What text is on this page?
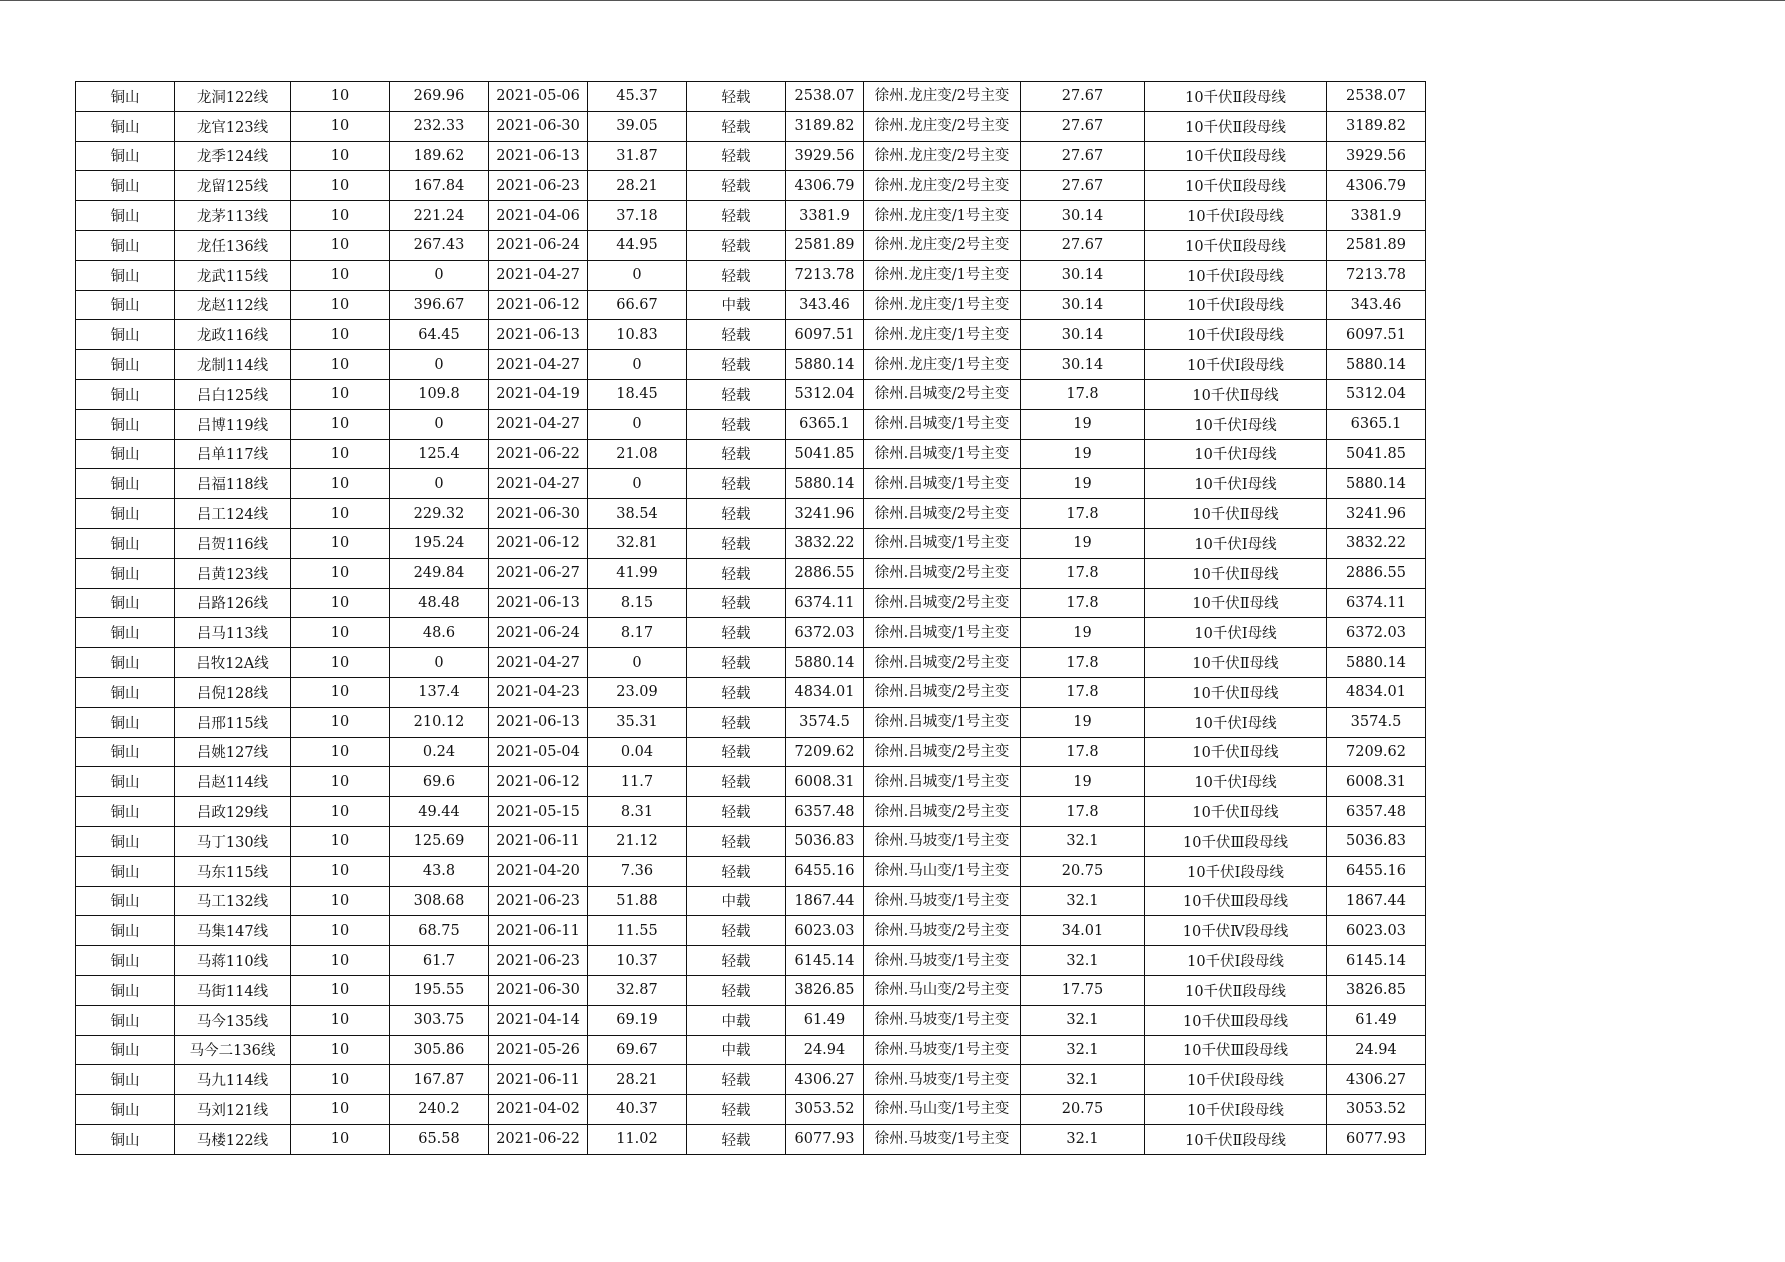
铜山	龙洞122线	10	269.96	2021-05-06	45.37	轻载	2538.07	徐州.龙庄变/2号主变	27.67	10千伏Ⅱ段母线	2538.07
铜山	龙官123线	10	232.33	2021-06-30	39.05	轻载	3189.82	徐州.龙庄变/2号主变	27.67	10千伏Ⅱ段母线	3189.82
铜山	龙季124线	10	189.62	2021-06-13	31.87	轻载	3929.56	徐州.龙庄变/2号主变	27.67	10千伏Ⅱ段母线	3929.56
铜山	龙留125线	10	167.84	2021-06-23	28.21	轻载	4306.79	徐州.龙庄变/2号主变	27.67	10千伏Ⅱ段母线	4306.79
铜山	龙茅113线	10	221.24	2021-04-06	37.18	轻载	3381.9	徐州.龙庄变/1号主变	30.14	10千伏Ⅰ段母线	3381.9
铜山	龙任136线	10	267.43	2021-06-24	44.95	轻载	2581.89	徐州.龙庄变/2号主变	27.67	10千伏Ⅱ段母线	2581.89
铜山	龙武115线	10	0	2021-04-27	0	轻载	7213.78	徐州.龙庄变/1号主变	30.14	10千伏Ⅰ段母线	7213.78
铜山	龙赵112线	10	396.67	2021-06-12	66.67	中载	343.46	徐州.龙庄变/1号主变	30.14	10千伏Ⅰ段母线	343.46
铜山	龙政116线	10	64.45	2021-06-13	10.83	轻载	6097.51	徐州.龙庄变/1号主变	30.14	10千伏Ⅰ段母线	6097.51
铜山	龙制114线	10	0	2021-04-27	0	轻载	5880.14	徐州.龙庄变/1号主变	30.14	10千伏Ⅰ段母线	5880.14
铜山	吕白125线	10	109.8	2021-04-19	18.45	轻载	5312.04	徐州.吕城变/2号主变	17.8	10千伏Ⅱ母线	5312.04
铜山	吕博119线	10	0	2021-04-27	0	轻载	6365.1	徐州.吕城变/1号主变	19	10千伏Ⅰ母线	6365.1
铜山	吕单117线	10	125.4	2021-06-22	21.08	轻载	5041.85	徐州.吕城变/1号主变	19	10千伏Ⅰ母线	5041.85
铜山	吕福118线	10	0	2021-04-27	0	轻载	5880.14	徐州.吕城变/1号主变	19	10千伏Ⅰ母线	5880.14
铜山	吕工124线	10	229.32	2021-06-30	38.54	轻载	3241.96	徐州.吕城变/2号主变	17.8	10千伏Ⅱ母线	3241.96
铜山	吕贺116线	10	195.24	2021-06-12	32.81	轻载	3832.22	徐州.吕城变/1号主变	19	10千伏Ⅰ母线	3832.22
铜山	吕黄123线	10	249.84	2021-06-27	41.99	轻载	2886.55	徐州.吕城变/2号主变	17.8	10千伏Ⅱ母线	2886.55
铜山	吕路126线	10	48.48	2021-06-13	8.15	轻载	6374.11	徐州.吕城变/2号主变	17.8	10千伏Ⅱ母线	6374.11
铜山	吕马113线	10	48.6	2021-06-24	8.17	轻载	6372.03	徐州.吕城变/1号主变	19	10千伏Ⅰ母线	6372.03
铜山	吕牧12A线	10	0	2021-04-27	0	轻载	5880.14	徐州.吕城变/2号主变	17.8	10千伏Ⅱ母线	5880.14
铜山	吕倪128线	10	137.4	2021-04-23	23.09	轻载	4834.01	徐州.吕城变/2号主变	17.8	10千伏Ⅱ母线	4834.01
铜山	吕邢115线	10	210.12	2021-06-13	35.31	轻载	3574.5	徐州.吕城变/1号主变	19	10千伏Ⅰ母线	3574.5
铜山	吕姚127线	10	0.24	2021-05-04	0.04	轻载	7209.62	徐州.吕城变/2号主变	17.8	10千伏Ⅱ母线	7209.62
铜山	吕赵114线	10	69.6	2021-06-12	11.7	轻载	6008.31	徐州.吕城变/1号主变	19	10千伏Ⅰ母线	6008.31
铜山	吕政129线	10	49.44	2021-05-15	8.31	轻载	6357.48	徐州.吕城变/2号主变	17.8	10千伏Ⅱ母线	6357.48
铜山	马丁130线	10	125.69	2021-06-11	21.12	轻载	5036.83	徐州.马坡变/1号主变	32.1	10千伏Ⅲ段母线	5036.83
铜山	马东115线	10	43.8	2021-04-20	7.36	轻载	6455.16	徐州.马山变/1号主变	20.75	10千伏Ⅰ段母线	6455.16
铜山	马工132线	10	308.68	2021-06-23	51.88	中载	1867.44	徐州.马坡变/1号主变	32.1	10千伏Ⅲ段母线	1867.44
铜山	马集147线	10	68.75	2021-06-11	11.55	轻载	6023.03	徐州.马坡变/2号主变	34.01	10千伏Ⅳ段母线	6023.03
铜山	马蒋110线	10	61.7	2021-06-23	10.37	轻载	6145.14	徐州.马坡变/1号主变	32.1	10千伏Ⅰ段母线	6145.14
铜山	马街114线	10	195.55	2021-06-30	32.87	轻载	3826.85	徐州.马山变/2号主变	17.75	10千伏Ⅱ段母线	3826.85
铜山	马今135线	10	303.75	2021-04-14	69.19	中载	61.49	徐州.马坡变/1号主变	32.1	10千伏Ⅲ段母线	61.49
铜山	马今二136线	10	305.86	2021-05-26	69.67	中载	24.94	徐州.马坡变/1号主变	32.1	10千伏Ⅲ段母线	24.94
铜山	马九114线	10	167.87	2021-06-11	28.21	轻载	4306.27	徐州.马坡变/1号主变	32.1	10千伏Ⅰ段母线	4306.27
铜山	马刘121线	10	240.2	2021-04-02	40.37	轻载	3053.52	徐州.马山变/1号主变	20.75	10千伏Ⅰ段母线	3053.52
铜山	马楼122线	10	65.58	2021-06-22	11.02	轻载	6077.93	徐州.马坡变/1号主变	32.1	10千伏Ⅱ段母线	6077.93
